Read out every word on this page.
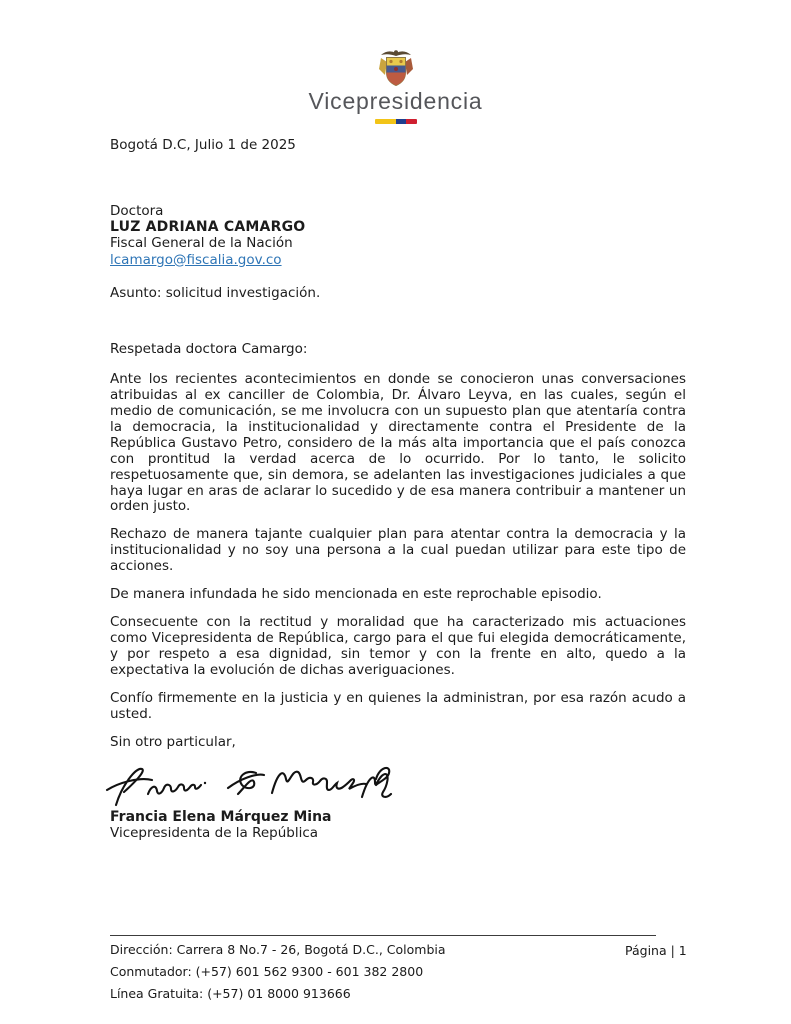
Vicepresidencia
Bogotá D.C, Julio 1 de 2025
Doctora
LUZ ADRIANA CAMARGO
Fiscal General de la Nación
lcamargo@fiscalia.gov.co
Asunto: solicitud investigación.
Respetada doctora Camargo:

Ante los recientes acontecimientos en donde se conocieron unas conversaciones atribuidas al ex canciller de Colombia, Dr. Álvaro Leyva, en las cuales, según el medio de comunicación, se me involucra con un supuesto plan que atentaría contra la democracia, la institucionalidad y directamente contra el Presidente de la República Gustavo Petro, considero de la más alta importancia que el país conozca con prontitud la verdad acerca de lo ocurrido. Por lo tanto, le solicito respetuosamente que, sin demora, se adelanten las investigaciones judiciales a que haya lugar en aras de aclarar lo sucedido y de esa manera contribuir a mantener un orden justo.

Rechazo de manera tajante cualquier plan para atentar contra la democracia y la institucionalidad y no soy una persona a la cual puedan utilizar para este tipo de acciones.

De manera infundada he sido mencionada en este reprochable episodio.

Consecuente con la rectitud y moralidad que ha caracterizado mis actuaciones como Vicepresidenta de República, cargo para el que fui elegida democráticamente, y por respeto a esa dignidad, sin temor y con la frente en alto, quedo a la expectativa la evolución de dichas averiguaciones.

Confío firmemente en la justicia y en quienes la administran, por esa razón acudo a usted.

Sin otro particular,
Francia Elena Márquez Mina
Vicepresidenta de la República
Dirección: Carrera 8 No.7 - 26, Bogotá D.C., Colombia
Conmutador: (+57) 601 562 9300 - 601 382 2800
Línea Gratuita: (+57) 01 8000 913666
Página | 1
